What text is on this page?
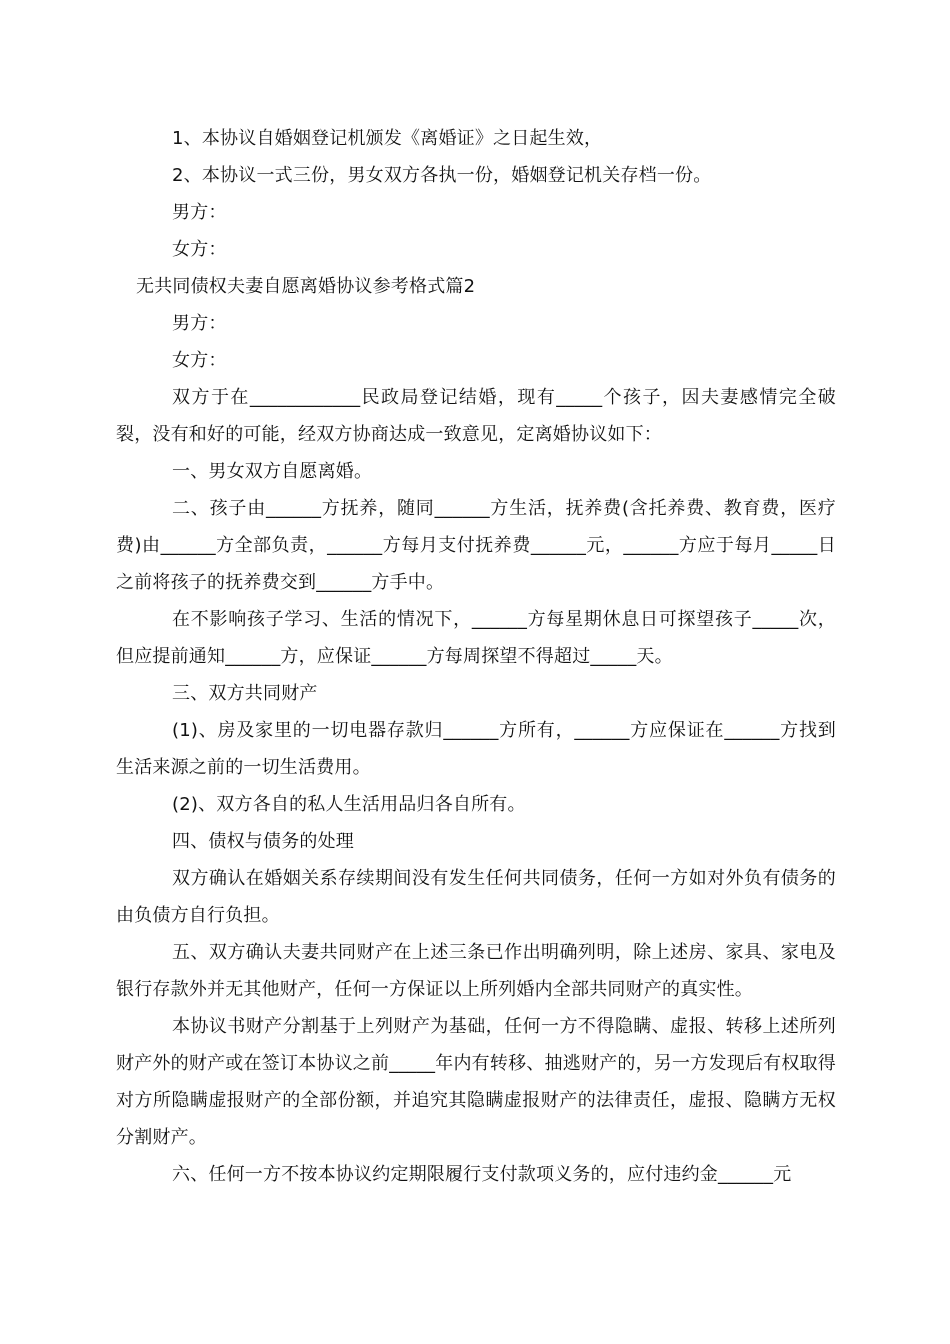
1、本协议自婚姻登记机颁发《离婚证》之日起生效，

2、本协议一式三份，男女双方各执一份，婚姻登记机关存档一份。

男方：

女方：

无共同债权夫妻自愿离婚协议参考格式篇2

男方：

女方：

双方于在____________民政局登记结婚，现有_____个孩子，因夫妻感情完全破裂，没有和好的可能，经双方协商达成一致意见，定离婚协议如下：

一、男女双方自愿离婚。

二、孩子由______方抚养，随同______方生活，抚养费(含托养费、教育费，医疗费)由______方全部负责，______方每月支付抚养费______元，______方应于每月_____日之前将孩子的抚养费交到______方手中。

在不影响孩子学习、生活的情况下，______方每星期休息日可探望孩子_____次，但应提前通知______方，应保证______方每周探望不得超过_____天。

三、双方共同财产

(1)、房及家里的一切电器存款归______方所有，______方应保证在______方找到生活来源之前的一切生活费用。

(2)、双方各自的私人生活用品归各自所有。

四、债权与债务的处理

双方确认在婚姻关系存续期间没有发生任何共同债务，任何一方如对外负有债务的由负债方自行负担。

五、双方确认夫妻共同财产在上述三条已作出明确列明，除上述房、家具、家电及银行存款外并无其他财产，任何一方保证以上所列婚内全部共同财产的真实性。

本协议书财产分割基于上列财产为基础，任何一方不得隐瞒、虚报、转移上述所列财产外的财产或在签订本协议之前_____年内有转移、抽逃财产的，另一方发现后有权取得对方所隐瞒虚报财产的全部份额，并追究其隐瞒虚报财产的法律责任，虚报、隐瞒方无权分割财产。

六、任何一方不按本协议约定期限履行支付款项义务的，应付违约金______元
